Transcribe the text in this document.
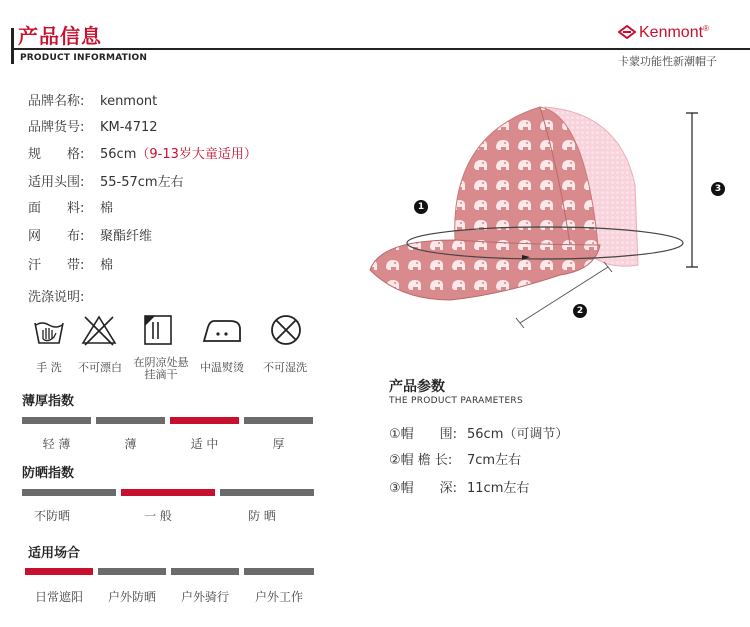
产品信息
PRODUCT INFORMATION
Kenmont®
卡蒙功能性新潮帽子
品牌名称: kenmont
品牌货号: KM-4712
规　　格: 56cm（9-13岁大童适用）
适用头围: 55-57cm左右
面　　料: 棉
网　　布: 聚酯纤维
汗　　带: 棉
洗涤说明:
手 洗	不可漂白	在阴凉处悬挂滴干
中温熨烫	不可湿洗
薄厚指数
轻 薄	薄	适 中	厚
防晒指数
不防晒	一 般	防 晒
适用场合
日常遮阳	户外防晒	户外骑行	户外工作
1
2
3
产品参数
THE PRODUCT PARAMETERS
①帽　　围: 56cm（可调节）
②帽 檐 长: 7cm左右
③帽　　深: 11cm左右
